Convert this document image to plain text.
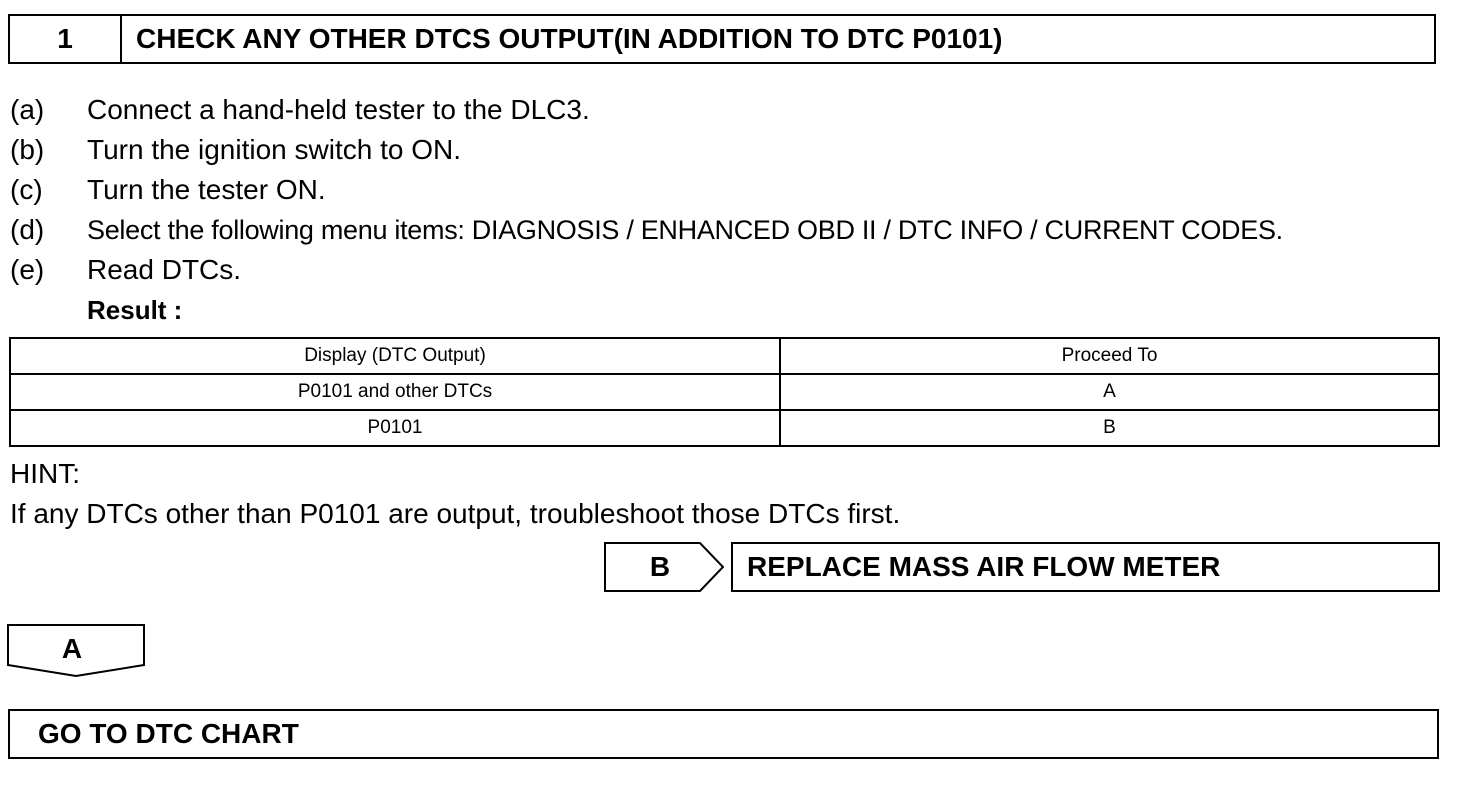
1	CHECK ANY OTHER DTCS OUTPUT(IN ADDITION TO DTC P0101)
(a) Connect a hand-held tester to the DLC3.
(b) Turn the ignition switch to ON.
(c) Turn the tester ON.
(d) Select the following menu items: DIAGNOSIS / ENHANCED OBD II / DTC INFO / CURRENT CODES.
(e) Read DTCs.
Result :
Display (DTC Output)	Proceed To
P0101 and other DTCs	A
P0101	B
HINT:
If any DTCs other than P0101 are output, troubleshoot those DTCs first.
B	REPLACE MASS AIR FLOW METER
A
GO TO DTC CHART
